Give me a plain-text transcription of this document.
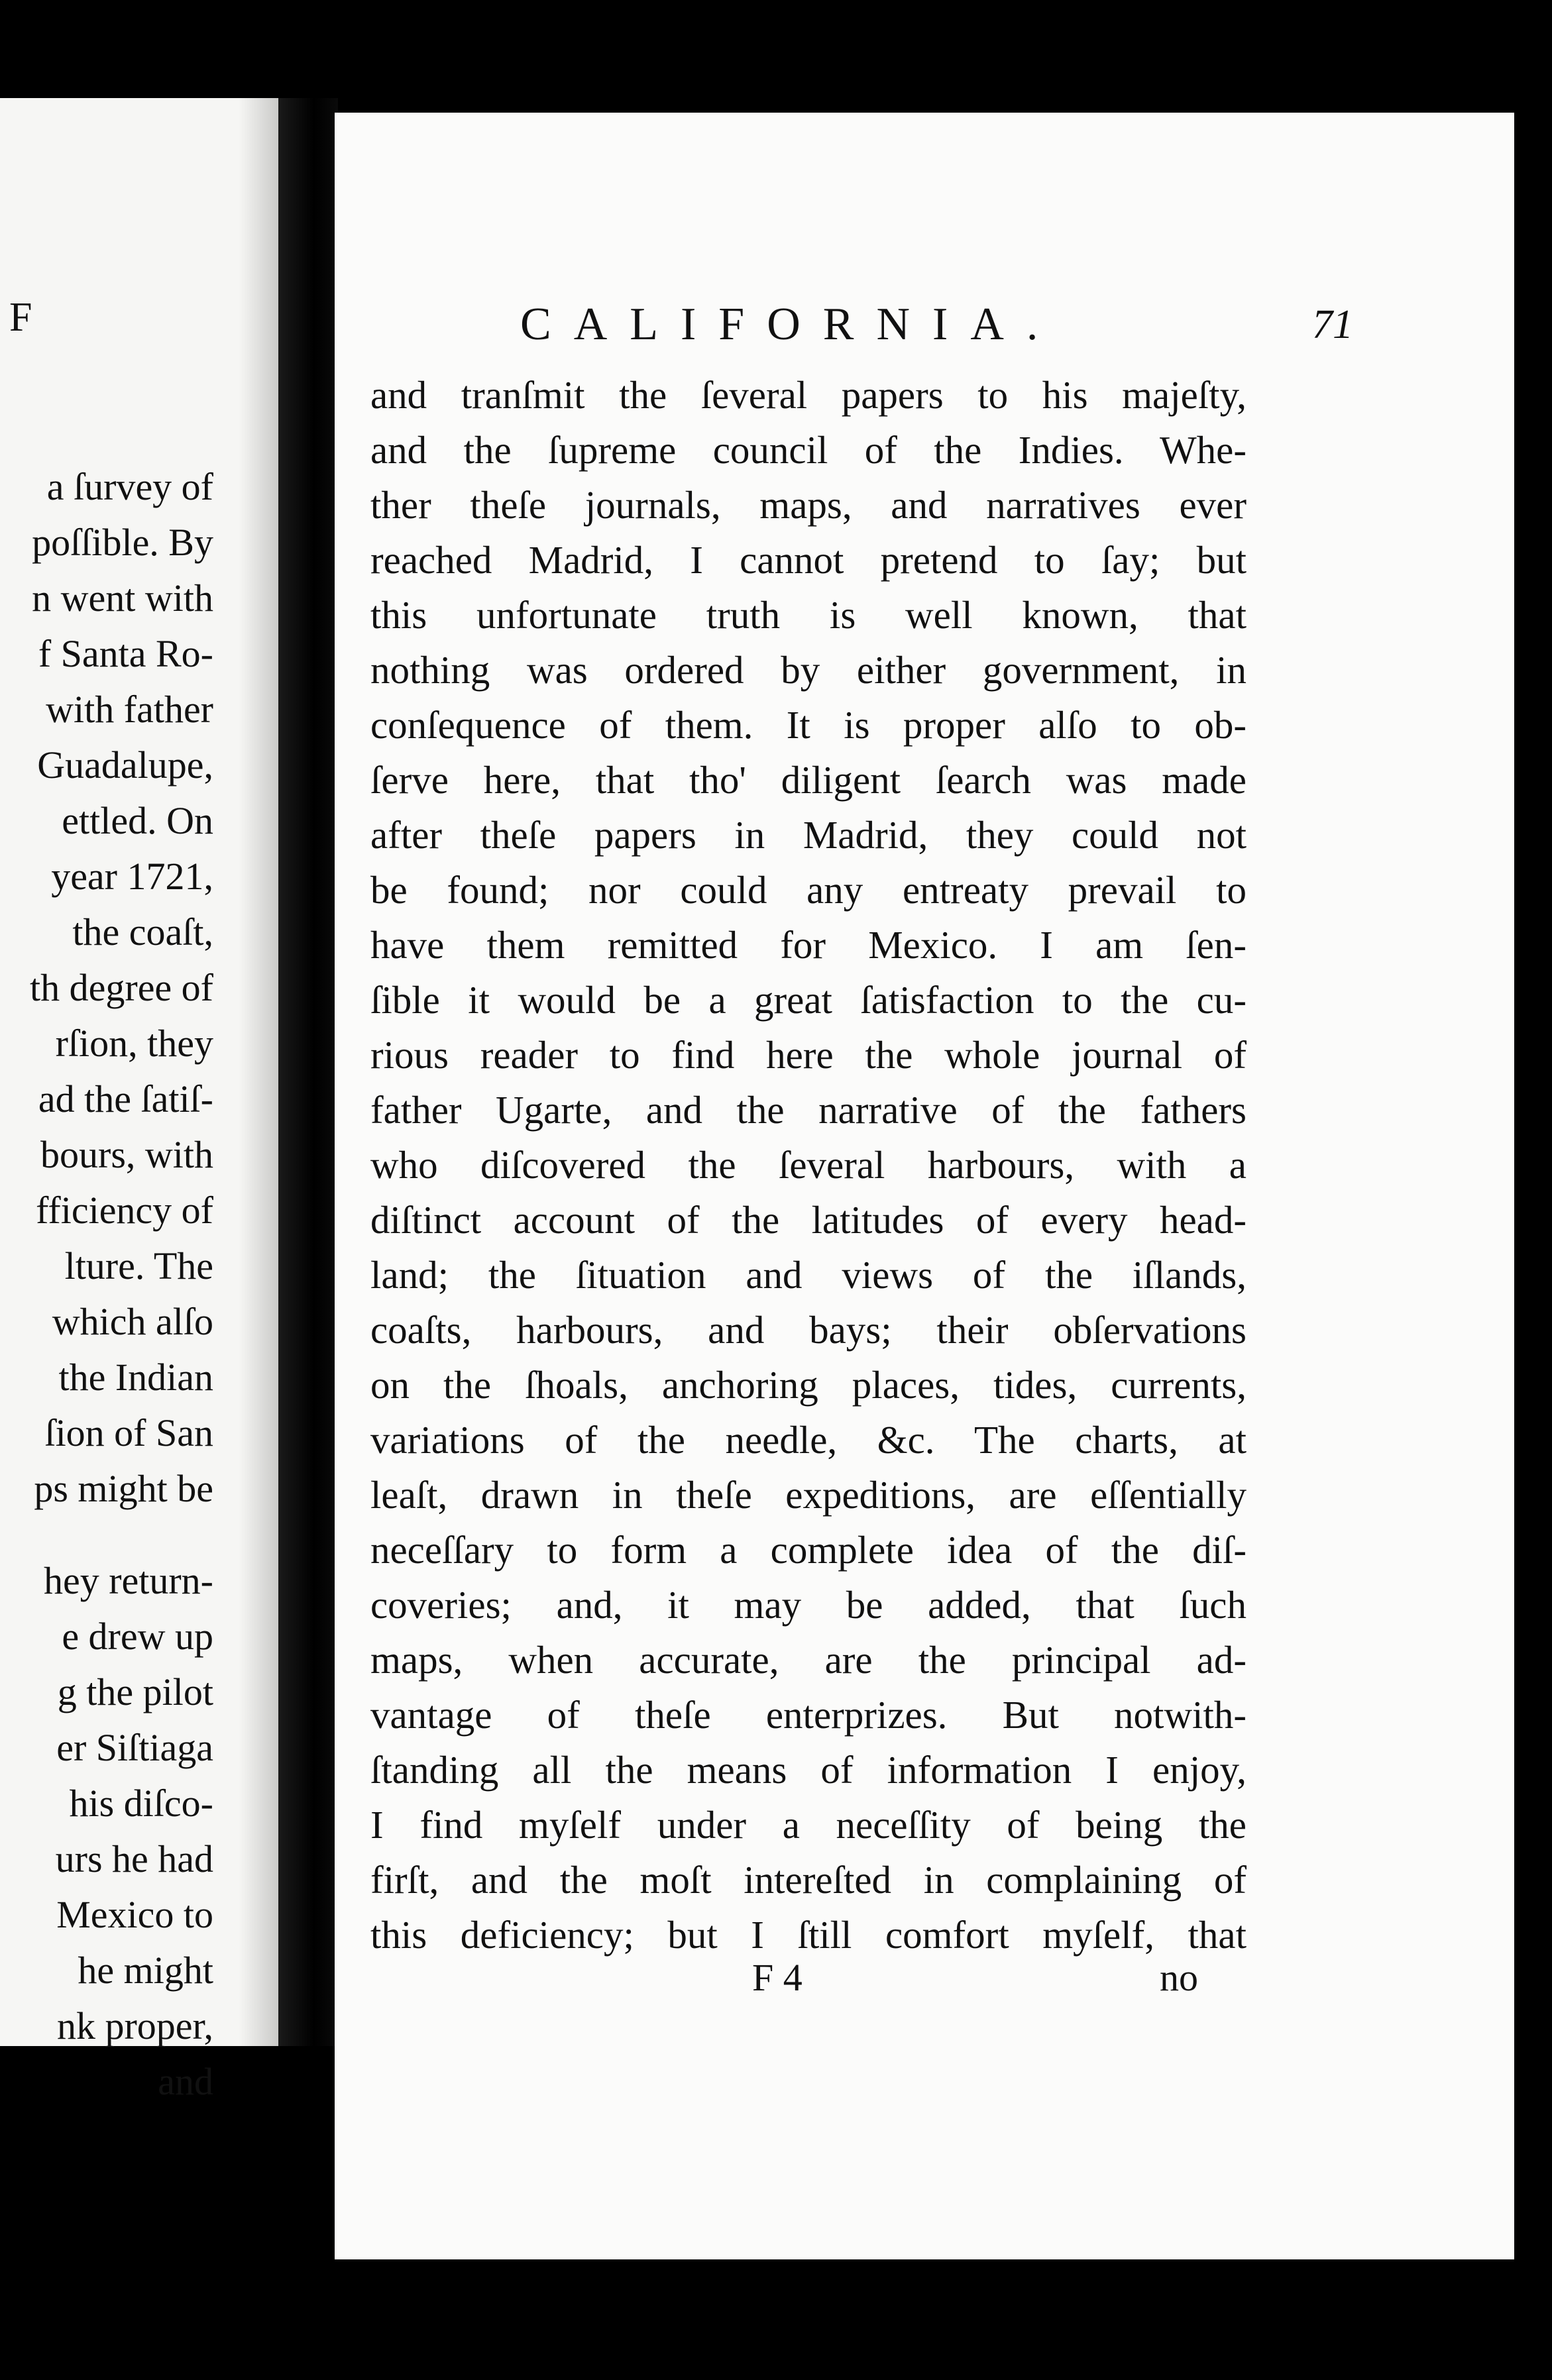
F
a ſurvey of
poſſible. By
n went with
f Santa Ro-
with father
Guadalupe,
ettled. On
year 1721,
the coaſt,
th degree of
rſion, they
ad the ſatiſ-
bours, with
fficiency of
lture. The
which alſo
the Indian
ſion of San
ps might be
hey return-
e drew up
g the pilot
er Siſtiaga
his diſco-
urs he had
Mexico to
he might
nk proper,
and
CALIFORNIA.	71
and tranſmit the ſeveral papers to his majeſty,
and the ſupreme council of the Indies. Whe-
ther theſe journals, maps, and narratives ever
reached Madrid, I cannot pretend to ſay; but
this unfortunate truth is well known, that
nothing was ordered by either government, in
conſequence of them. It is proper alſo to ob-
ſerve here, that tho' diligent ſearch was made
after theſe papers in Madrid, they could not
be found; nor could any entreaty prevail to
have them remitted for Mexico. I am ſen-
ſible it would be a great ſatisfaction to the cu-
rious reader to find here the whole journal of
father Ugarte, and the narrative of the fathers
who diſcovered the ſeveral harbours, with a
diſtinct account of the latitudes of every head-
land; the ſituation and views of the iſlands,
coaſts, harbours, and bays; their obſervations
on the ſhoals, anchoring places, tides, currents,
variations of the needle, &c. The charts, at
leaſt, drawn in theſe expeditions, are eſſentially
neceſſary to form a complete idea of the diſ-
coveries; and, it may be added, that ſuch
maps, when accurate, are the principal ad-
vantage of theſe enterprizes. But notwith-
ſtanding all the means of information I enjoy,
I find myſelf under a neceſſity of being the
firſt, and the moſt intereſted in complaining of
this deficiency; but I ſtill comfort myſelf, that
F 4	no
